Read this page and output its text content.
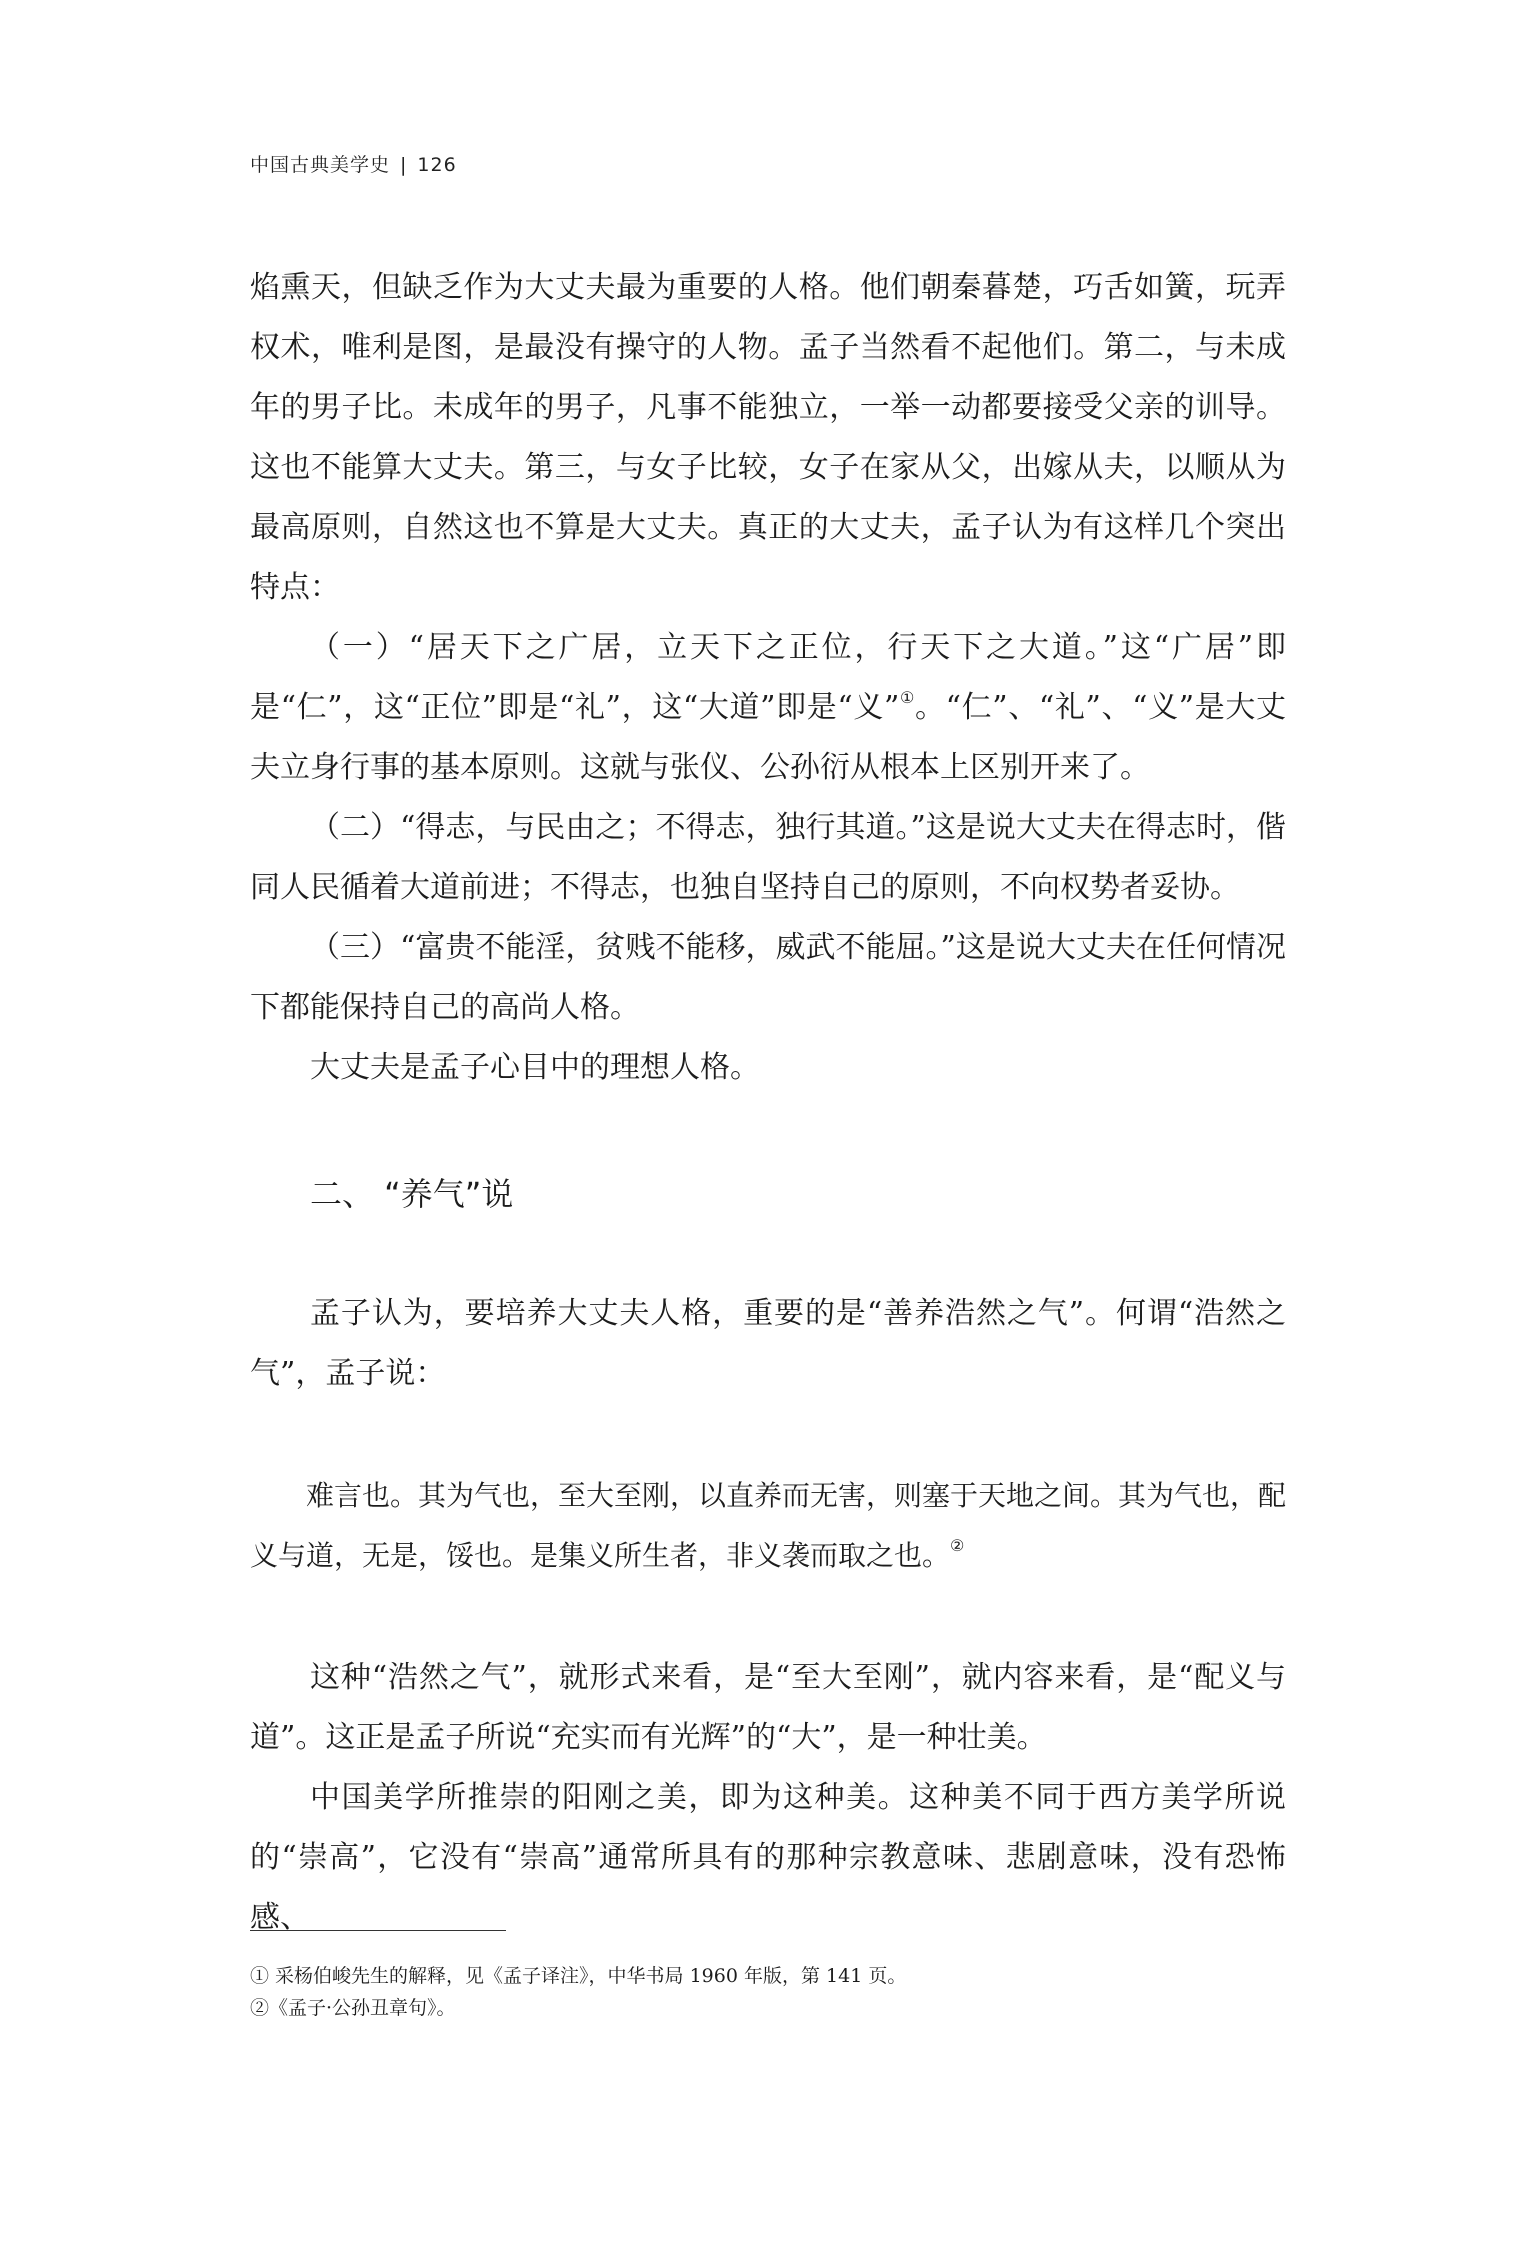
中国古典美学史 | 126

焰熏天，但缺乏作为大丈夫最为重要的人格。他们朝秦暮楚，巧舌如簧，玩弄权术，唯利是图，是最没有操守的人物。孟子当然看不起他们。第二，与未成年的男子比。未成年的男子，凡事不能独立，一举一动都要接受父亲的训导。这也不能算大丈夫。第三，与女子比较，女子在家从父，出嫁从夫，以顺从为最高原则，自然这也不算是大丈夫。真正的大丈夫，孟子认为有这样几个突出特点：

（一）“居天下之广居，立天下之正位，行天下之大道。”这“广居”即是“仁”，这“正位”即是“礼”，这“大道”即是“义”①。“仁”、“礼”、“义”是大丈夫立身行事的基本原则。这就与张仪、公孙衍从根本上区别开来了。

（二）“得志，与民由之；不得志，独行其道。”这是说大丈夫在得志时，偕同人民循着大道前进；不得志，也独自坚持自己的原则，不向权势者妥协。

（三）“富贵不能淫，贫贱不能移，威武不能屈。”这是说大丈夫在任何情况下都能保持自己的高尚人格。

大丈夫是孟子心目中的理想人格。

二、 “养气”说

孟子认为，要培养大丈夫人格，重要的是“善养浩然之气”。何谓“浩然之气”，孟子说：

难言也。其为气也，至大至刚，以直养而无害，则塞于天地之间。其为气也，配义与道，无是，馁也。是集义所生者，非义袭而取之也。②

这种“浩然之气”，就形式来看，是“至大至刚”，就内容来看，是“配义与道”。这正是孟子所说“充实而有光辉”的“大”，是一种壮美。

中国美学所推崇的阳刚之美，即为这种美。这种美不同于西方美学所说的“崇高”，它没有“崇高”通常所具有的那种宗教意味、悲剧意味，没有恐怖感、

① 采杨伯峻先生的解释，见《孟子译注》，中华书局 1960 年版，第 141 页。

②《孟子·公孙丑章句》。
